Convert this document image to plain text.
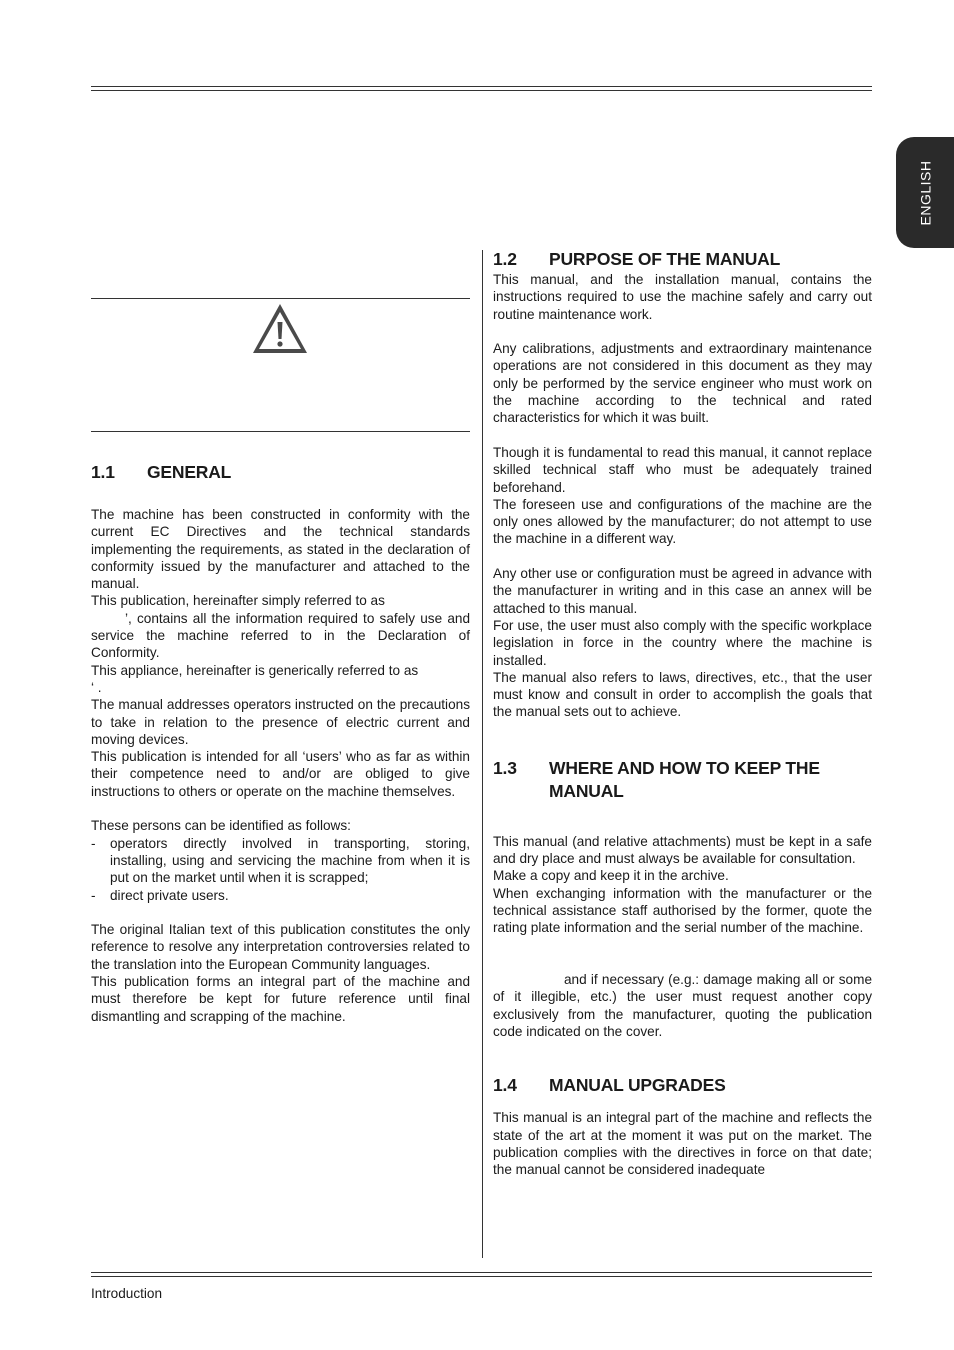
ENGLISH
1.1	GENERAL

The machine has been constructed in conformity with the current EC Directives and the technical standards implementing the requirements, as stated in the declaration of conformity issued by the manufacturer and attached to the manual.

This publication, hereinafter simply referred to as

’, contains all the information required to safely use and service the machine referred to in the Declaration of Conformity.

This appliance, hereinafter is generically referred to as

‘ .

The manual addresses operators instructed on the precautions to take in relation to the presence of electric current and moving devices.

This publication is intended for all ‘users’ who as far as within their competence need to and/or are obliged to give instructions to others or operate on the machine themselves.

These persons can be identified as follows:

- operators directly involved in transporting, storing, installing, using and servicing the machine from when it is put on the market until when it is scrapped;
- direct private users.

The original Italian text of this publication constitutes the only reference to resolve any interpretation controversies related to the translation into the European Community languages.

This publication forms an integral part of the machine and must therefore be kept for future reference until final dismantling and scrapping of the machine.

1.2	PURPOSE OF THE MANUAL

This manual, and the installation manual, contains the instructions required to use the machine safely and carry out routine maintenance work.

Any calibrations, adjustments and extraordinary maintenance operations are not considered in this document as they may only be performed by the service engineer who must work on the machine according to the technical and rated characteristics for which it was built.

Though it is fundamental to read this manual, it cannot replace skilled technical staff who must be adequately trained beforehand.

The foreseen use and configurations of the machine are the only ones allowed by the manufacturer; do not attempt to use the machine in a different way.

Any other use or configuration must be agreed in advance with the manufacturer in writing and in this case an annex will be attached to this manual.

For use, the user must also comply with the specific workplace legislation in force in the country where the machine is installed.

The manual also refers to laws, directives, etc., that the user must know and consult in order to accomplish the goals that the manual sets out to achieve.

1.3	WHERE AND HOW TO KEEP THE MANUAL

This manual (and relative attachments) must be kept in a safe and dry place and must always be available for consultation.

Make a copy and keep it in the archive.

When exchanging information with the manufacturer or the technical assistance staff authorised by the former, quote the rating plate information and the serial number of the machine.

and if necessary (e.g.: damage making all or some of it illegible, etc.) the user must request another copy exclusively from the manufacturer, quoting the publication code indicated on the cover.

1.4	MANUAL UPGRADES

This manual is an integral part of the machine and reflects the state of the art at the moment it was put on the market. The publication complies with the directives in force on that date; the manual cannot be considered inadequate

Introduction
